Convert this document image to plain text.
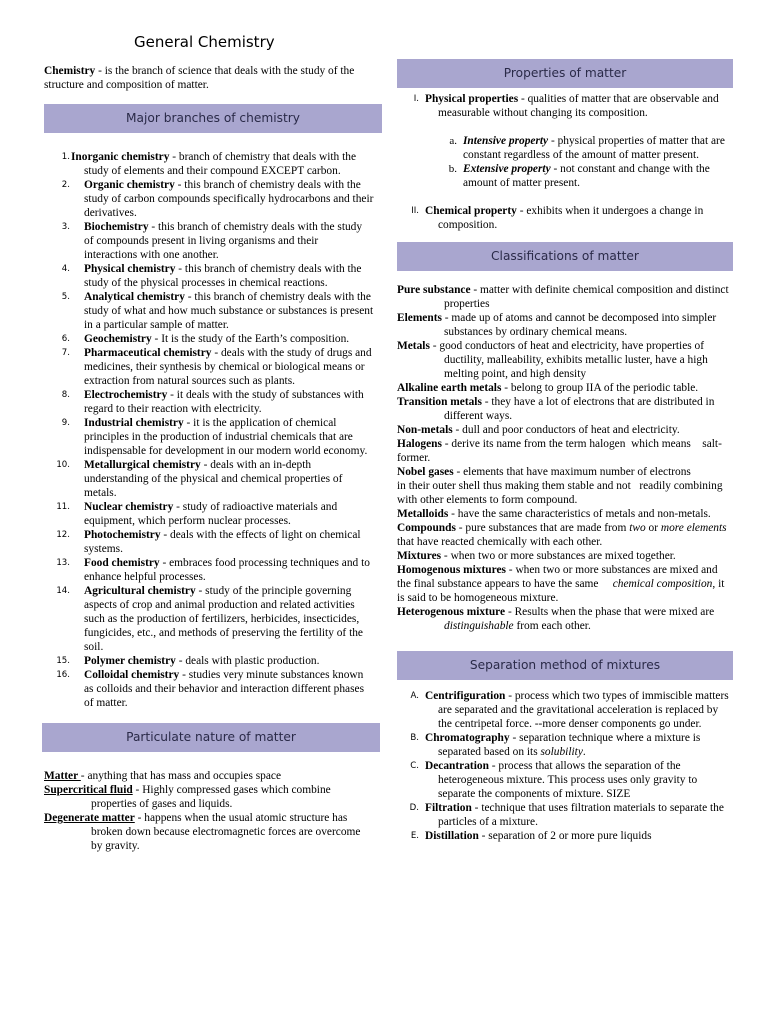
General Chemistry

Chemistry - is the branch of science that deals with the study of the structure and composition of matter.

Major branches of chemistry
1. Inorganic chemistry - branch of chemistry that deals with the study of elements and their compound EXCEPT carbon.
2.	Organic chemistry - this branch of chemistry deals with the study of carbon compounds specifically hydrocarbons and their derivatives.
3.	Biochemistry - this branch of chemistry deals with the study of compounds present in living organisms and their interactions with one another.
4.	Physical chemistry - this branch of chemistry deals with the study of the physical processes in chemical reactions.
5.	Analytical chemistry - this branch of chemistry deals with the study of what and how much substance or substances is present in a particular sample of matter.
6.	Geochemistry - It is the study of the Earth’s composition.
7.	Pharmaceutical chemistry - deals with the study of drugs and medicines, their synthesis by chemical or biological means or extraction from natural sources such as plants.
8.	Electrochemistry - it deals with the study of substances with regard to their reaction with electricity.
9.	Industrial chemistry - it is the application of chemical principles in the production of industrial chemicals that are indispensable for development in our modern world economy.
10.	Metallurgical chemistry - deals with an in-depth understanding of the physical and chemical properties of metals.
11.	Nuclear chemistry - study of radioactive materials and equipment, which perform nuclear processes.
12.	Photochemistry - deals with the effects of light on chemical systems.
13.	Food chemistry - embraces food processing techniques and to enhance helpful processes.
14.	Agricultural chemistry - study of the principle governing aspects of crop and animal production and related activities such as the production of fertilizers, herbicides, insecticides, fungicides, etc., and methods of preserving the fertility of the soil.
15.	Polymer chemistry - deals with plastic production.
16.	Colloidal chemistry - studies very minute substances known as colloids and their behavior and interaction different phases of matter.
Particulate nature of matter
Matter - anything that has mass and occupies space
Supercritical fluid - Highly compressed gases which combine properties of gases and liquids.
Degenerate matter - happens when the usual atomic structure has broken down because electromagnetic forces are overcome by gravity.
Properties of matter
I. Physical properties - qualities of matter that are observable and measurable without changing its composition.
a. Intensive property - physical properties of matter that are constant regardless of the amount of matter present.
b. Extensive property - not constant and change with the amount of matter present.
II. Chemical property - exhibits when it undergoes a change in composition.
Classifications of matter
Pure substance - matter with definite chemical composition and distinct properties
Elements - made up of atoms and cannot be decomposed into simpler substances by ordinary chemical means.
Metals - good conductors of heat and electricity, have properties of ductility, malleability, exhibits metallic luster, have a high melting point, and high density
Alkaline earth metals - belong to group IIA of the periodic table.
Transition metals - they have a lot of electrons that are distributed in different ways.
Non-metals - dull and poor conductors of heat and electricity.
Halogens - derive its name from the term halogen  which means    salt-former.
Nobel gases - elements that have maximum number of electrons             in their outer shell thus making them stable and not   readily combining with other elements to form compound.
Metalloids - have the same characteristics of metals and non-metals.
Compounds - pure substances that are made from two or more elements that have reacted chemically with each other.
Mixtures - when two or more substances are mixed together.
Homogenous mixtures - when two or more substances are mixed and the final substance appears to have the same     chemical composition, it is said to be homogeneous mixture.
Heterogenous mixture - Results when the phase that were mixed are distinguishable from each other.
Separation method of mixtures
A. Centrifiguration - process which two types of immiscible matters are separated and the gravitational acceleration is replaced by the centripetal force. --more denser components go under.
B. Chromatography - separation technique where a mixture is separated based on its solubility.
C. Decantration - process that allows the separation of the heterogeneous mixture. This process uses only gravity to separate the components of mixture. SIZE
D. Filtration - technique that uses filtration materials to separate the particles of a mixture.
E. Distillation - separation of 2 or more pure liquids
